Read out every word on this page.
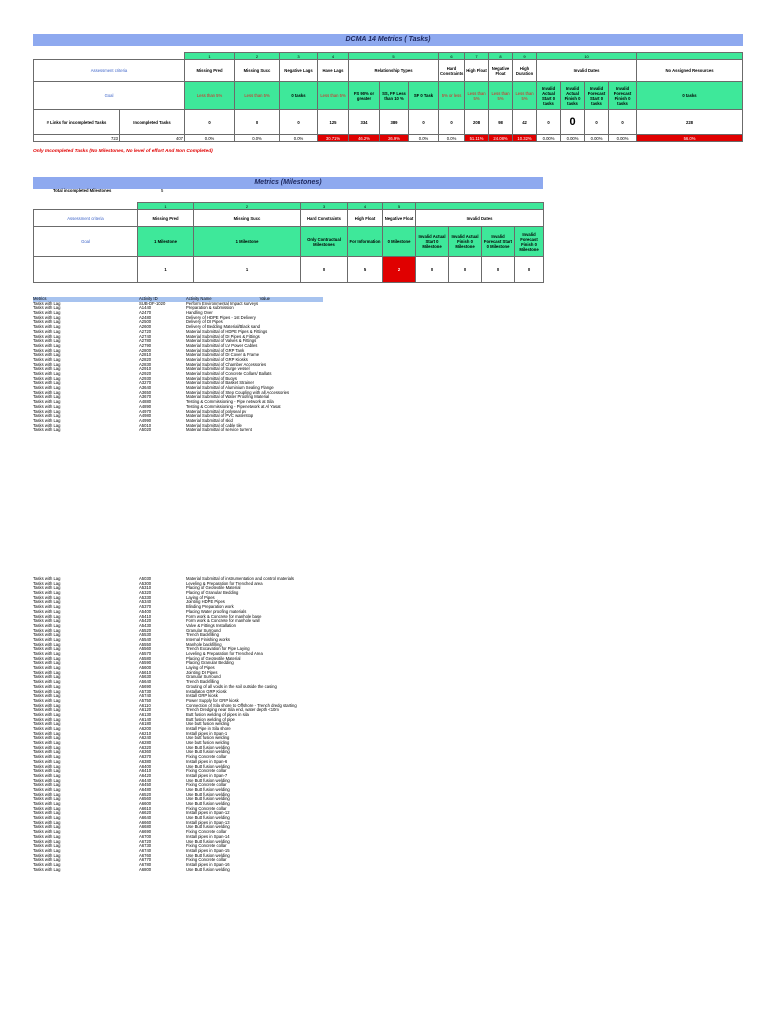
DCMA 14 Metrics ( Tasks)
		1	2	3	4	5			6	7	8	9	10				
Assessment criteria		Missing Pred	Missing Succ	Negative Lags	Have Lags	Relationship Types			Hard Constraints	High Float	Negative Float	High Duration	Invalid Dates				No Assigned Resources
Goal		Less than 5%	Less than 5%	0 tasks	Less than 5%	FS 90% or greater	SS, FF Less than 10 %	SF 0 Task	5% or less	Less than 5%	Less than 5%	Less than 5%	Invalid Actual Start 0 tasks	Invalid Actual Finish 0 tasks	Invalid Forecast Start 0 tasks	Invalid Forecast Finish 0 tasks	0 tasks
# Links for incompleted Tasks	Incompleted Tasks	0	0	0	125	334	389	0	0	208	98	42	0	0	0	0	228
723	407	0.0%	0.0%	0.0%	30.71%	46.2%	26.9%	0.0%	0.0%	51.11%	24.08%	10.32%	0.00%	0.00%	0.00%	0.00%	56.0%
Only Incompleted Tasks (No Milestones, No level of effort And Non Completed)
Metrics (Milestones)
Total incompleted Milestones	5
	1	2	3	4	5				
Assessment criteria	Missing Pred	Missing Succ	Hard Constraints	High Float	Negative Float	Invalid Dates			
Goal	1 Milestone	1 Milestone	Only Contractual Milestones	For Information	0 Milestone	Invalid Actual Start 0 Milestone	Invalid Actual Finish 0 Milestone	Invalid Forecast Start 0 Milestone	Invalid Forecast Finish 0 Milestone
	1	1	0	5	2	0	0	0	0
Metrics	Activity ID	Activity Name	Value
Tasks with Lag	SUB-DF-1020	Perform Environmental Impact surveys
Tasks with Lag	A1440	Preparation & submission
Tasks with Lag	A2470	Handling Over
Tasks with Lag	A2480	Delivery of HDPE Pipes - 1st Delivery
Tasks with Lag	A2500	Delivery of DI Pipes
Tasks with Lag	A2600	Delivery of Bedding Material/Black sand
Tasks with Lag	A2720	Material Submittal of HDPE Pipes & Fittings
Tasks with Lag	A2740	Material Submittal of DI Pipes & Fittings
Tasks with Lag	A2780	Material Submittal of Valves & Fittings
Tasks with Lag	A2790	Material Submittal of LV Power Cables
Tasks with Lag	A2800	Material Submittal of GRP Tank
Tasks with Lag	A2810	Material Submittal of DI Cover & Frame
Tasks with Lag	A2820	Material Submittal of GRP Kiosks
Tasks with Lag	A2830	Material Submittal of Chamber Accessories
Tasks with Lag	A2910	Material Submittal of Surge vessel
Tasks with Lag	A2920	Material Submittal of Concrete Collars/ Ballats
Tasks with Lag	A2930	Material Submittal of Buoys
Tasks with Lag	A3270	Material Submittal of Basket Strainer
Tasks with Lag	A3640	Material Submittal of Aluminium Sealing Flange
Tasks with Lag	A3650	Material Submittal of Step Coupling with all Accessories
Tasks with Lag	A3670	Material Submittal of Water Proofing Material
Tasks with Lag	A4880	Testing & Commissioning - Pipe network at Sila
Tasks with Lag	A4890	Testing & Commissioning - Pipenetwork at Al Yasat
Tasks with Lag	A4970	Material Submittal of polyseal pv
Tasks with Lag	A4980	Material Submittal of PVC waterstop
Tasks with Lag	A4990	Material Submittal of skid
Tasks with Lag	A5010	Material Submittal of cable tile
Tasks with Lag	A5020	Material Submittal of service turrent
Tasks with Lag	A5030	Material Submittal of instrumentation and control materials
Tasks with Lag	A5300	Leveling & Preparation for Trenched area
Tasks with Lag	A5310	Placing of Geotextile Material
Tasks with Lag	A5320	Placing of Granular Bedding
Tasks with Lag	A5330	Laying of Pipes
Tasks with Lag	A5340	Jointing HDPE Pipes
Tasks with Lag	A5370	Blinding Preparation work
Tasks with Lag	A5400	Placing Water proofing materials
Tasks with Lag	A5410	Form work & Concrete for manhole base
Tasks with Lag	A5420	Form work & Concrete for manhole wall
Tasks with Lag	A5430	Valve & Fittings Installation
Tasks with Lag	A5520	Granular Surround
Tasks with Lag	A5530	Trench Backfilling
Tasks with Lag	A5540	Internal Finishing works
Tasks with Lag	A5550	Manhole backfilling
Tasks with Lag	A5560	Trench Excavation for Pipe Laying
Tasks with Lag	A5570	Leveling & Preparation for Trenched Area
Tasks with Lag	A5580	Placing of Geotextile Material
Tasks with Lag	A5590	Placing Granular Bedding
Tasks with Lag	A5600	Laying of Pipes
Tasks with Lag	A5610	Jointing DI Pipes
Tasks with Lag	A5630	Granular Surround
Tasks with Lag	A5640	Trench Backfilling
Tasks with Lag	A5690	Grouting of all voids in the soil outside the casing
Tasks with Lag	A5730	Installaton GRP Kiosk
Tasks with Lag	A5740	Install GRP kiosk
Tasks with Lag	A5750	Power Supply for GRP kiosk
Tasks with Lag	A6110	Connection of Sila shore to Offshore - Trench dredg starting
Tasks with Lag	A6120	Trench Dredging near Sila end, water depth <10m
Tasks with Lag	A6130	Butt fusion welding of pipes in sila
Tasks with Lag	A6140	Butt fusion welding of pipe
Tasks with Lag	A6180	Use butt fusion welding
Tasks with Lag	A6200	Install Pipe in Sila shore
Tasks with Lag	A6210	Install pipes in Span-1
Tasks with Lag	A6240	Use butt fusion welding
Tasks with Lag	A6280	Use butt fusion welding
Tasks with Lag	A6320	Use Butt fusion welding
Tasks with Lag	A6360	Use Butt fusion welding
Tasks with Lag	A6370	Fixing Concrete collar
Tasks with Lag	A6380	Install pipes in Span-6
Tasks with Lag	A6400	Use Butt fusion welding
Tasks with Lag	A6410	Fixing Concrete collar
Tasks with Lag	A6420	Install pipes in Span-7
Tasks with Lag	A6440	Use Butt fusion welding
Tasks with Lag	A6450	Fixing Concrete collar
Tasks with Lag	A6480	Use Butt fusion welding
Tasks with Lag	A6520	Use Butt fusion welding
Tasks with Lag	A6560	Use Butt fusion welding
Tasks with Lag	A6600	Use Butt fusion welding
Tasks with Lag	A6610	Fixing Concrete collar
Tasks with Lag	A6620	Install pipes in Span-12
Tasks with Lag	A6640	Use Butt fusion welding
Tasks with Lag	A6660	Install pipes in Span-13
Tasks with Lag	A6680	Use Butt fusion welding
Tasks with Lag	A6690	Fixing Concrete collar
Tasks with Lag	A6700	Install pipes in Span-14
Tasks with Lag	A6720	Use Butt fusion welding
Tasks with Lag	A6730	Fixing Concrete collar
Tasks with Lag	A6740	Install pipes in Span-15
Tasks with Lag	A6760	Use Butt fusion welding
Tasks with Lag	A6770	Fixing Concrete collar
Tasks with Lag	A6780	Install pipes in Span-16
Tasks with Lag	A6800	Use Butt fusion welding
